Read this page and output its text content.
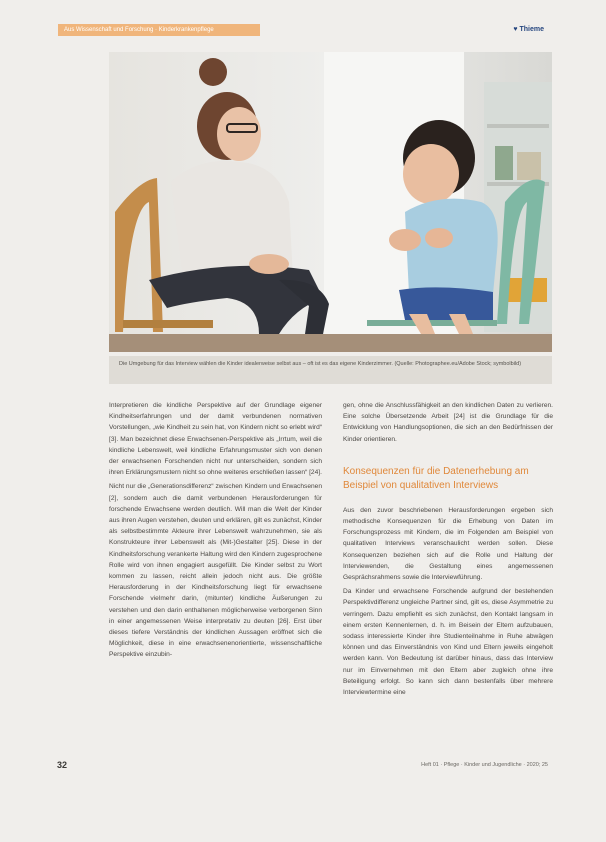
Aus Wissenschaft und Forschung · Kinderkrankenpflege	♥ Thieme
Die Umgebung für das Interview wählen die Kinder idealerweise selbst aus – oft ist es das eigene Kinderzimmer. (Quelle: Photographee.eu/Adobe Stock; symbolbild)

Interpretieren die kindliche Perspektive auf der Grundlage eigener Kindheitserfahrungen und der damit verbundenen normativen Vorstellungen, „wie Kindheit zu sein hat, von Kindern nicht so erlebt wird“ [3]. Man bezeichnet diese Erwachsenen-Perspektive als „Irrtum, weil die kindliche Lebenswelt, weil kindliche Erfahrungsmuster sich von denen der erwachsenen Forschenden nicht nur unterscheiden, sondern sich ihren Erklärungsmustern nicht so ohne weiteres erschließen lassen“ [24].

Nicht nur die „Generationsdifferenz“ zwischen Kindern und Erwachsenen [2], sondern auch die damit verbundenen Herausforderungen für forschende Erwachsene werden deutlich. Will man die Welt der Kinder aus ihren Augen verstehen, deuten und erklären, gilt es zunächst, Kinder als selbstbestimmte Akteure ihrer Lebenswelt wahrzunehmen, sie als Konstrukteure ihrer Lebenswelt als (Mit-)Gestalter [25]. Diese in der Kindheitsforschung verankerte Haltung wird den Kindern zugesprochene Rolle wird von ihnen engagiert ausgefüllt. Die Kinder selbst zu Wort kommen zu lassen, reicht allein jedoch nicht aus. Die größte Herausforderung in der Kindheitsforschung liegt für erwachsene Forschende vielmehr darin, (mitunter) kindliche Äußerungen zu verstehen und den darin enthaltenen möglicherweise verborgenen Sinn in einer angemessenen Weise interpretativ zu deuten [26]. Erst über dieses tiefere Verständnis der kindlichen Aussagen eröffnet sich die Möglichkeit, diese in eine erwachsenenorientierte, wissenschaftliche Perspektive einzubin-

gen, ohne die Anschlussfähigkeit an den kindlichen Daten zu verlieren. Eine solche Übersetzende Arbeit [24] ist die Grundlage für die Entwicklung von Handlungsoptionen, die sich an den Bedürfnissen der Kinder orientieren.

Konsequenzen für die Datenerhebung am Beispiel von qualitativen Interviews

Aus den zuvor beschriebenen Herausforderungen ergeben sich methodische Konsequenzen für die Erhebung von Daten im Forschungsprozess mit Kindern, die im Folgenden am Beispiel von qualitativen Interviews veranschaulicht werden sollen. Diese Konsequenzen beziehen sich auf die Rolle und Haltung der Interviewenden, die Gestaltung eines angemessenen Gesprächsrahmens sowie die Interviewführung.

Da Kinder und erwachsene Forschende aufgrund der bestehenden Perspektivdifferenz ungleiche Partner sind, gilt es, diese Asymmetrie zu verringern. Dazu empfiehlt es sich zunächst, den Kontakt langsam in einem ersten Kennenlernen, d. h. im Beisein der Eltern aufzubauen, sodass interessierte Kinder ihre Studienteilnahme in Ruhe abwägen können und das Einverständnis von Kind und Eltern jeweils eingeholt werden kann. Von Bedeutung ist darüber hinaus, dass das Interview nur im Einvernehmen mit den Eltern aber zugleich ohne ihre Beteiligung erfolgt. So kann sich dann bestenfalls über mehrere Interviewtermine eine

32	Heft 01 · Pflege · Kinder und Jugendliche · 2020; 25
